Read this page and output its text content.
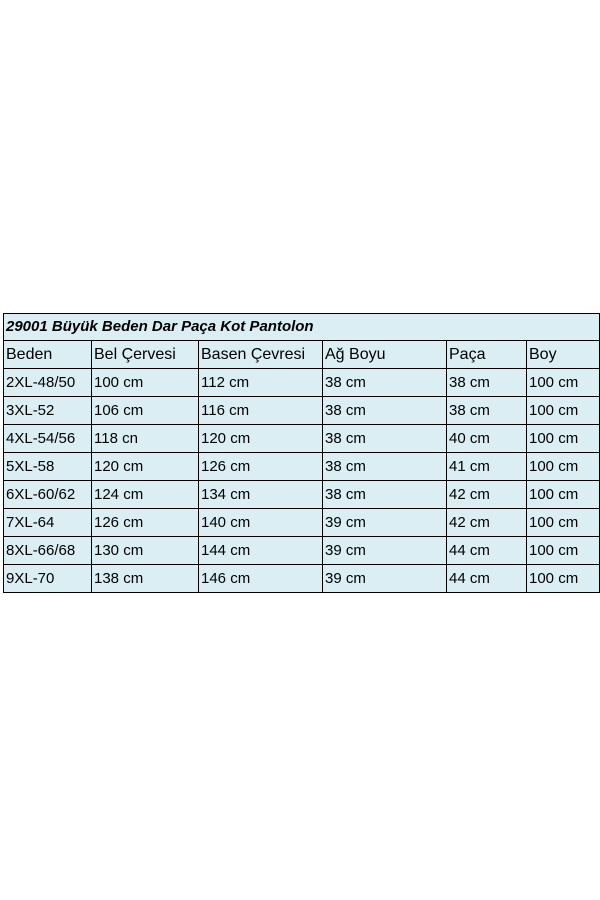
29001 Büyük Beden Dar Paça Kot Pantolon					
Beden	Bel Çervesi	Basen Çevresi	Ağ Boyu	Paça	Boy
2XL-48/50	100 cm	112 cm	38 cm	38 cm	100 cm
3XL-52	106 cm	116 cm	38 cm	38 cm	100 cm
4XL-54/56	118 cn	120 cm	38 cm	40 cm	100 cm
5XL-58	120 cm	126 cm	38 cm	41 cm	100 cm
6XL-60/62	124 cm	134 cm	38 cm	42 cm	100 cm
7XL-64	126 cm	140 cm	39 cm	42 cm	100 cm
8XL-66/68	130 cm	144 cm	39 cm	44 cm	100 cm
9XL-70	138 cm	146 cm	39 cm	44 cm	100 cm
